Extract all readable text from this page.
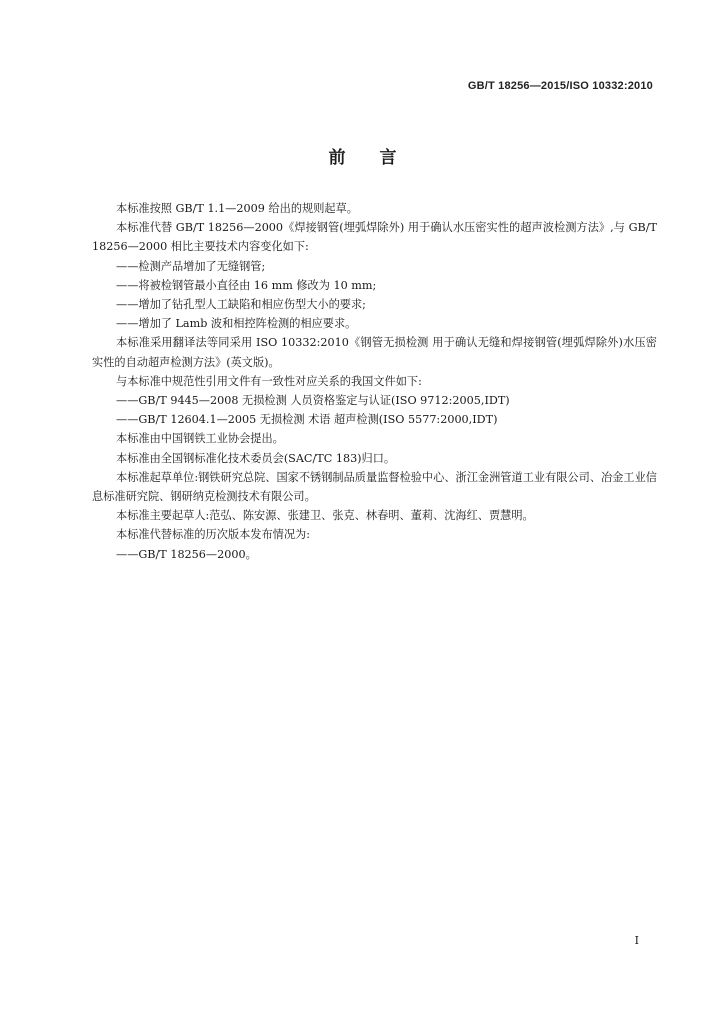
GB/T 18256—2015/ISO 10332:2010
前言

本标准按照 GB/T 1.1—2009 给出的规则起草。

本标准代替 GB/T 18256—2000《焊接钢管(埋弧焊除外) 用于确认水压密实性的超声波检测方法》,与 GB/T 18256—2000 相比主要技术内容变化如下:

——检测产品增加了无缝钢管;

——将被检钢管最小直径由 16 mm 修改为 10 mm;

——增加了钻孔型人工缺陷和相应伤型大小的要求;

——增加了 Lamb 波和相控阵检测的相应要求。

本标准采用翻译法等同采用 ISO 10332:2010《钢管无损检测 用于确认无缝和焊接钢管(埋弧焊除外)水压密实性的自动超声检测方法》(英文版)。

与本标准中规范性引用文件有一致性对应关系的我国文件如下:

——GB/T 9445—2008 无损检测 人员资格鉴定与认证(ISO 9712:2005,IDT)

——GB/T 12604.1—2005 无损检测 术语 超声检测(ISO 5577:2000,IDT)

本标准由中国钢铁工业协会提出。

本标准由全国钢标准化技术委员会(SAC/TC 183)归口。

本标准起草单位:钢铁研究总院、国家不锈钢制品质量监督检验中心、浙江金洲管道工业有限公司、冶金工业信息标准研究院、钢研纳克检测技术有限公司。

本标准主要起草人:范弘、陈安源、张建卫、张克、林春明、董莉、沈海红、贾慧明。

本标准代替标准的历次版本发布情况为:

——GB/T 18256—2000。

I
